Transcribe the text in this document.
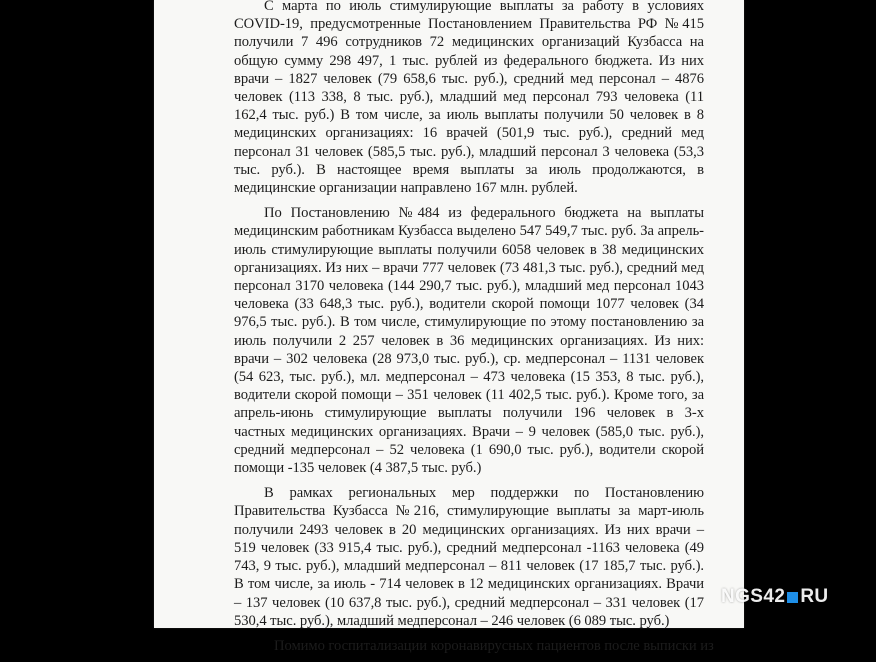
С марта по июль стимулирующие выплаты за работу в условиях COVID-19, предусмотренные Постановлением Правительства РФ №415 получили 7 496 сотрудников 72 медицинских организаций Кузбасса на общую сумму 298 497, 1 тыс. рублей из федерального бюджета. Из них врачи – 1827 человек (79 658,6 тыс. руб.), средний мед персонал – 4876 человек (113 338, 8 тыс. руб.), младший мед персонал 793 человека (11 162,4 тыс. руб.) В том числе, за июль выплаты получили 50 человек в 8 медицинских организациях: 16 врачей (501,9 тыс. руб.), средний мед персонал 31 человек (585,5 тыс. руб.), младший персонал 3 человека (53,3 тыс. руб.). В настоящее время выплаты за июль продолжаются, в медицинские организации направлено 167 млн. рублей.

По Постановлению №484 из федерального бюджета на выплаты медицинским работникам Кузбасса выделено 547 549,7 тыс. руб. За апрель-июль стимулирующие выплаты получили 6058 человек в 38 медицинских организациях. Из них – врачи 777 человек (73 481,3 тыс. руб.), средний мед персонал 3170 человека (144 290,7 тыс. руб.), младший мед персонал 1043 человека (33 648,3 тыс. руб.), водители скорой помощи 1077 человек (34 976,5 тыс. руб.). В том числе, стимулирующие по этому постановлению за июль получили 2 257 человек в 36 медицинских организациях. Из них: врачи – 302 человека (28 973,0 тыс. руб.), ср. медперсонал – 1131 человек (54 623, тыс. руб.), мл. медперсонал – 473 человека (15 353, 8 тыс. руб.), водители скорой помощи – 351 человек (11 402,5 тыс. руб.). Кроме того, за апрель-июнь стимулирующие выплаты получили 196 человек в 3-х частных медицинских организациях. Врачи – 9 человек (585,0 тыс. руб.), средний медперсонал – 52 человека (1 690,0 тыс. руб.), водители скорой помощи -135 человек (4 387,5 тыс. руб.)

В рамках региональных мер поддержки по Постановлению Правительства Кузбасса №216, стимулирующие выплаты за март-июль получили 2493 человек в 20 медицинских организациях. Из них врачи – 519 человек (33 915,4 тыс. руб.), средний медперсонал -1163 человека (49 743, 9 тыс. руб.), младший медперсонал – 811 человек (17 185,7 тыс. руб.). В том числе, за июль - 714 человек в 12 медицинских организациях. Врачи – 137 человек (10 637,8 тыс. руб.), средний медперсонал – 331 человек (17 530,4 тыс. руб.), младший медперсонал – 246 человек (6 089 тыс. руб.)

Помимо госпитализации коронавирусных пациентов после выписки из

NGS42 RU
